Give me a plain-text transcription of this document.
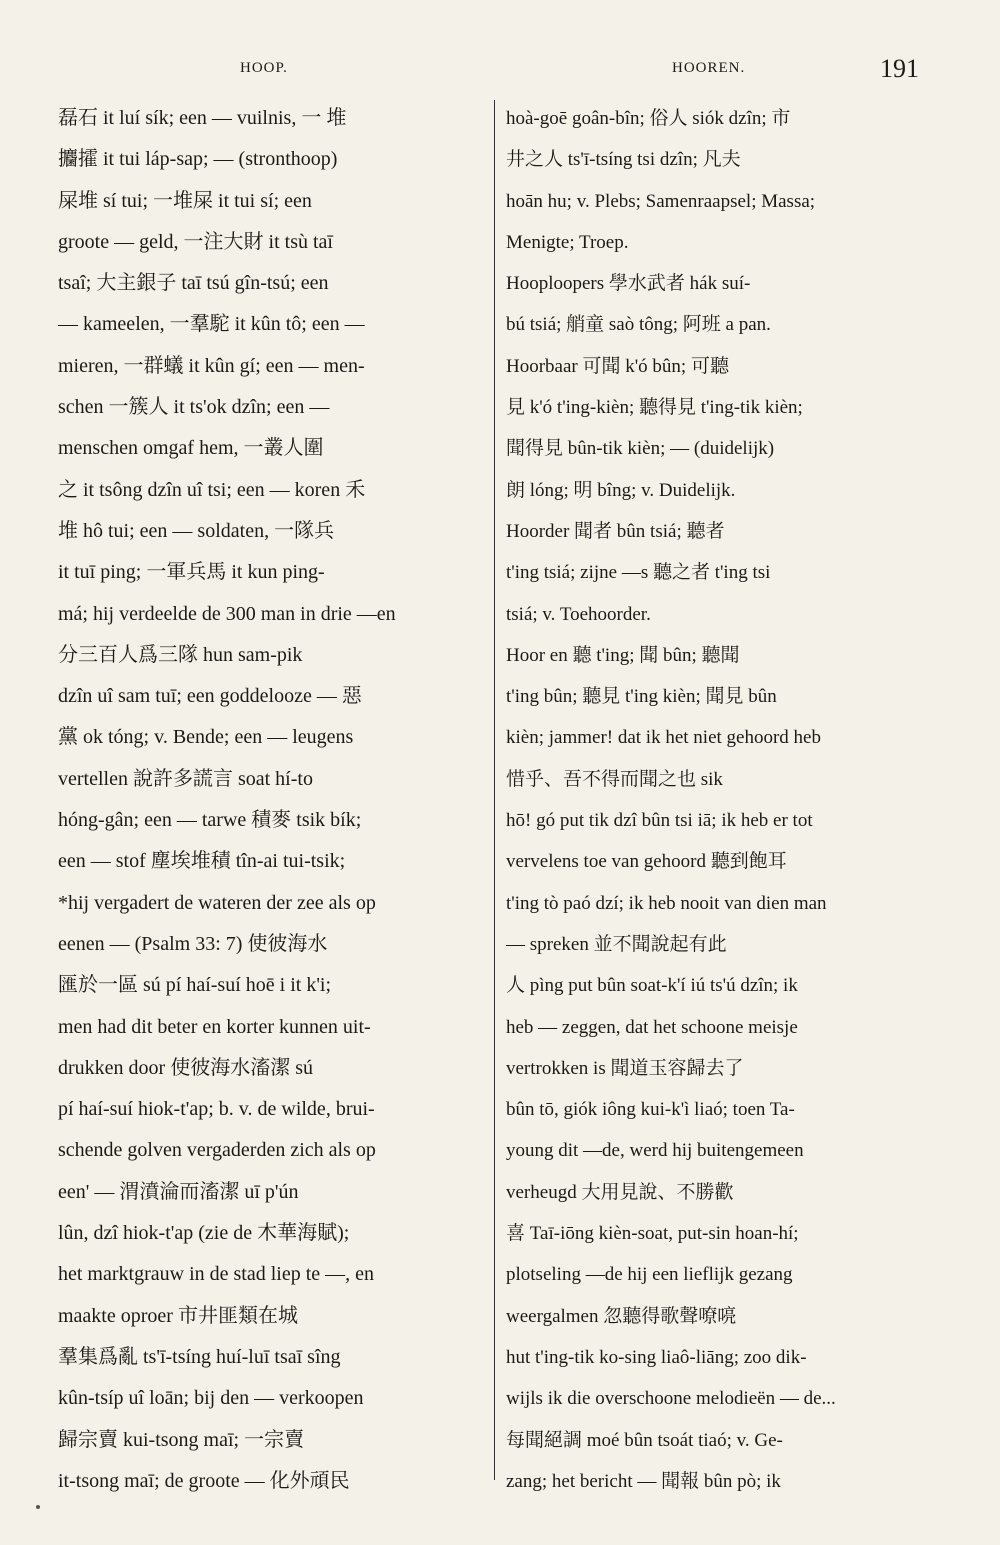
HOOP.	HOOREN.	191
磊石 it luí sík; een — vuilnis, 一 堆
攟攉 it tui láp-sap; — (stronthoop)
屎堆 sí tui; 一堆屎 it tui sí; een
groote — geld, 一注大財 it tsù taī
tsaî; 大主銀子 taī tsú gîn-tsú; een
— kameelen, 一羣駝 it kûn tô; een —
mieren, 一群蟻 it kûn gí; een — men-
schen 一簇人 it ts'ok dzîn; een —
menschen omgaf hem, 一叢人圍
之 it tsông dzîn uî tsi; een — koren 禾
堆 hô tui; een — soldaten, 一隊兵
it tuī ping; 一軍兵馬 it kun ping-
má; hij verdeelde de 300 man in drie —en
分三百人爲三隊 hun sam-pik
dzîn uî sam tuī; een goddelooze — 惡
黨 ok tóng; v. Bende; een — leugens
vertellen 說許多謊言 soat hí-to
hóng-gân; een — tarwe 積麥 tsik bík;
een — stof 塵埃堆積 tîn-ai tui-tsik;
*hij vergadert de wateren der zee als op
eenen — (Psalm 33: 7) 使彼海水
匯於一區 sú pí haí-suí hoē i it k'i;
men had dit beter en korter kunnen uit-
drukken door 使彼海水滀潔 sú
pí haí-suí hiok-t'ap; b. v. de wilde, brui-
schende golven vergaderden zich als op
een' — 渭濆淪而滀潔 uī p'ún
lûn, dzî hiok-t'ap (zie de 木華海賦);
het marktgrauw in de stad liep te —, en
maakte oproer 市井匪類在城
羣集爲亂 ts'ī-tsíng huí-luī tsaī sîng
kûn-tsíp uî loān; bij den — verkoopen
歸宗賣 kui-tsong maī; 一宗賣
it-tsong maī; de groote — 化外頑民
hoà-goē goân-bîn; 俗人 siók dzîn; 市
井之人 ts'ī-tsíng tsi dzîn; 凡夫
hoān hu; v. Plebs; Samenraapsel; Massa;
Menigte; Troep.
Hooploopers 學水武者 hák suí-
bú tsiá; 艄童 saò tông; 阿班 a pan.
Hoorbaar 可聞 k'ó bûn; 可聽
見 k'ó t'ing-kièn; 聽得見 t'ing-tik kièn;
聞得見 bûn-tik kièn; — (duidelijk)
朗 lóng; 明 bîng; v. Duidelijk.
Hoorder 聞者 bûn tsiá; 聽者
t'ing tsiá; zijne —s 聽之者 t'ing tsi
tsiá; v. Toehoorder.
Hoor en 聽 t'ing; 聞 bûn; 聽聞
t'ing bûn; 聽見 t'ing kièn; 聞見 bûn
kièn; jammer! dat ik het niet gehoord heb
惜乎、吾不得而聞之也 sik
hō! gó put tik dzî bûn tsi iā; ik heb er tot
vervelens toe van gehoord 聽到飽耳
t'ing tò paó dzí; ik heb nooit van dien man
— spreken 並不聞說起有此
人 pìng put bûn soat-k'í iú ts'ú dzîn; ik
heb — zeggen, dat het schoone meisje
vertrokken is 聞道玉容歸去了
bûn tō, giók iông kui-k'ì liaó; toen Ta-
young dit —de, werd hij buitengemeen
verheugd 大用見說、不勝歡
喜 Taī-iōng kièn-soat, put-sin hoan-hí;
plotseling —de hij een lieflijk gezang
weergalmen 忽聽得歌聲嘹喨
hut t'ing-tik ko-sing liaô-liāng; zoo dik-
wijls ik die overschoone melodieën — de...
每聞絕調 moé bûn tsoát tiaó; v. Ge-
zang; het bericht — 聞報 bûn pò; ik
